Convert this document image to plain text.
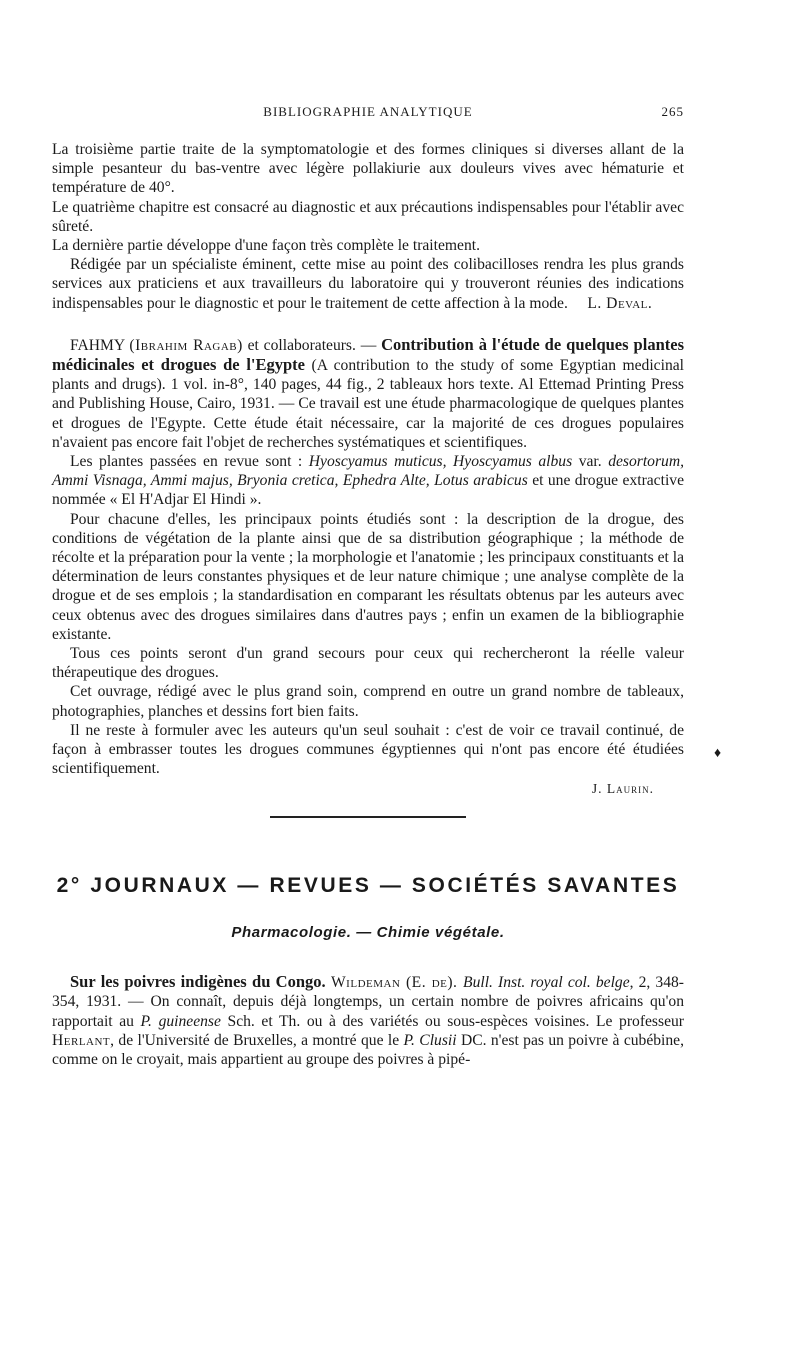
BIBLIOGRAPHIE ANALYTIQUE	265

La troisième partie traite de la symptomatologie et des formes cliniques si diverses allant de la simple pesanteur du bas-ventre avec légère pollakiurie aux douleurs vives avec hématurie et température de 40°.

Le quatrième chapitre est consacré au diagnostic et aux précautions indispensables pour l'établir avec sûreté.

La dernière partie développe d'une façon très complète le traitement.

Rédigée par un spécialiste éminent, cette mise au point des colibacilloses rendra les plus grands services aux praticiens et aux travailleurs du laboratoire qui y trouveront réunies des indications indispensables pour le diagnostic et pour le traitement de cette affection à la mode. L. Deval.

FAHMY (Ibrahim Ragab) et collaborateurs. — Contribution à l'étude de quelques plantes médicinales et drogues de l'Egypte (A contribution to the study of some Egyptian medicinal plants and drugs). 1 vol. in-8°, 140 pages, 44 fig., 2 tableaux hors texte. Al Ettemad Printing Press and Publishing House, Cairo, 1931. — Ce travail est une étude pharmacologique de quelques plantes et drogues de l'Egypte. Cette étude était nécessaire, car la majorité de ces drogues populaires n'avaient pas encore fait l'objet de recherches systématiques et scientifiques.

Les plantes passées en revue sont : Hyoscyamus muticus, Hyoscyamus albus var. desortorum, Ammi Visnaga, Ammi majus, Bryonia cretica, Ephedra Alte, Lotus arabicus et une drogue extractive nommée « El H'Adjar El Hindi ».

Pour chacune d'elles, les principaux points étudiés sont : la description de la drogue, des conditions de végétation de la plante ainsi que de sa distribution géographique ; la méthode de récolte et la préparation pour la vente ; la morphologie et l'anatomie ; les principaux constituants et la détermination de leurs constantes physiques et de leur nature chimique ; une analyse complète de la drogue et de ses emplois ; la standardisation en comparant les résultats obtenus par les auteurs avec ceux obtenus avec des drogues similaires dans d'autres pays ; enfin un examen de la bibliographie existante.

Tous ces points seront d'un grand secours pour ceux qui rechercheront la réelle valeur thérapeutique des drogues.

Cet ouvrage, rédigé avec le plus grand soin, comprend en outre un grand nombre de tableaux, photographies, planches et dessins fort bien faits.

Il ne reste à formuler avec les auteurs qu'un seul souhait : c'est de voir ce travail continué, de façon à embrasser toutes les drogues communes égyptiennes qui n'ont pas encore été étudiées scientifiquement.

J. Laurin.
2° JOURNAUX — REVUES — SOCIÉTÉS SAVANTES
Pharmacologie. — Chimie végétale.

Sur les poivres indigènes du Congo. Wildeman (E. de). Bull. Inst. royal col. belge, 2, 348-354, 1931. — On connaît, depuis déjà longtemps, un certain nombre de poivres africains qu'on rapportait au P. guineense Sch. et Th. ou à des variétés ou sous-espèces voisines. Le professeur Herlant, de l'Université de Bruxelles, a montré que le P. Clusii DC. n'est pas un poivre à cubébine, comme on le croyait, mais appartient au groupe des poivres à pipé-

♦
